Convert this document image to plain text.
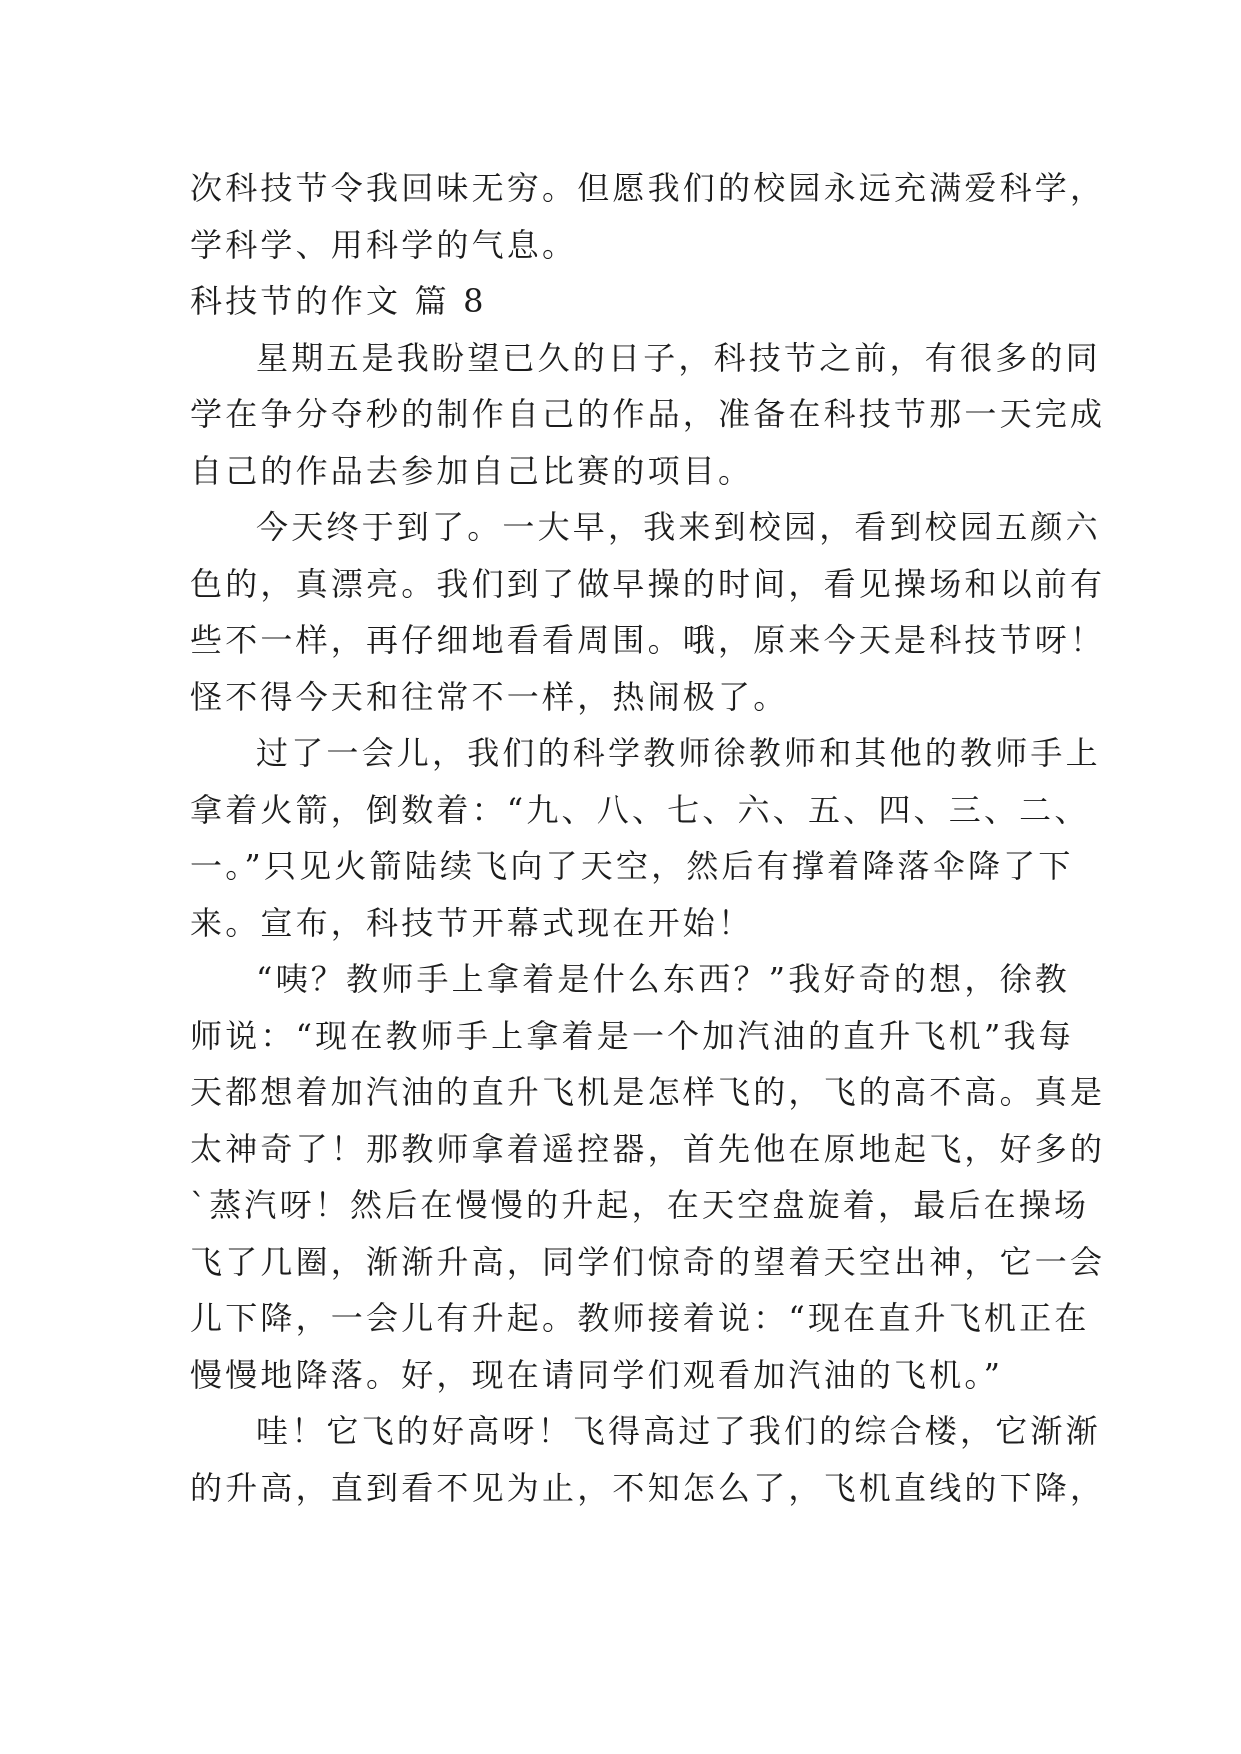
次科技节令我回味无穷。但愿我们的校园永远充满爱科学，
学科学、用科学的气息。
科技节的作文 篇 8
星期五是我盼望已久的日子，科技节之前，有很多的同
学在争分夺秒的制作自己的作品，准备在科技节那一天完成
自己的作品去参加自己比赛的项目。
今天终于到了。一大早，我来到校园，看到校园五颜六
色的，真漂亮。我们到了做早操的时间，看见操场和以前有
些不一样，再仔细地看看周围。哦，原来今天是科技节呀！
怪不得今天和往常不一样，热闹极了。
过了一会儿，我们的科学教师徐教师和其他的教师手上
拿着火箭，倒数着：“九、八、七、六、五、四、三、二、
一。”只见火箭陆续飞向了天空，然后有撑着降落伞降了下
来。宣布，科技节开幕式现在开始！
“咦？教师手上拿着是什么东西？”我好奇的想，徐教
师说：“现在教师手上拿着是一个加汽油的直升飞机”我每
天都想着加汽油的直升飞机是怎样飞的，飞的高不高。真是
太神奇了！那教师拿着遥控器，首先他在原地起飞，好多的
`蒸汽呀！然后在慢慢的升起，在天空盘旋着，最后在操场
飞了几圈，渐渐升高，同学们惊奇的望着天空出神，它一会
儿下降，一会儿有升起。教师接着说：“现在直升飞机正在
慢慢地降落。好，现在请同学们观看加汽油的飞机。”
哇！它飞的好高呀！飞得高过了我们的综合楼，它渐渐
的升高，直到看不见为止，不知怎么了，飞机直线的下降，
